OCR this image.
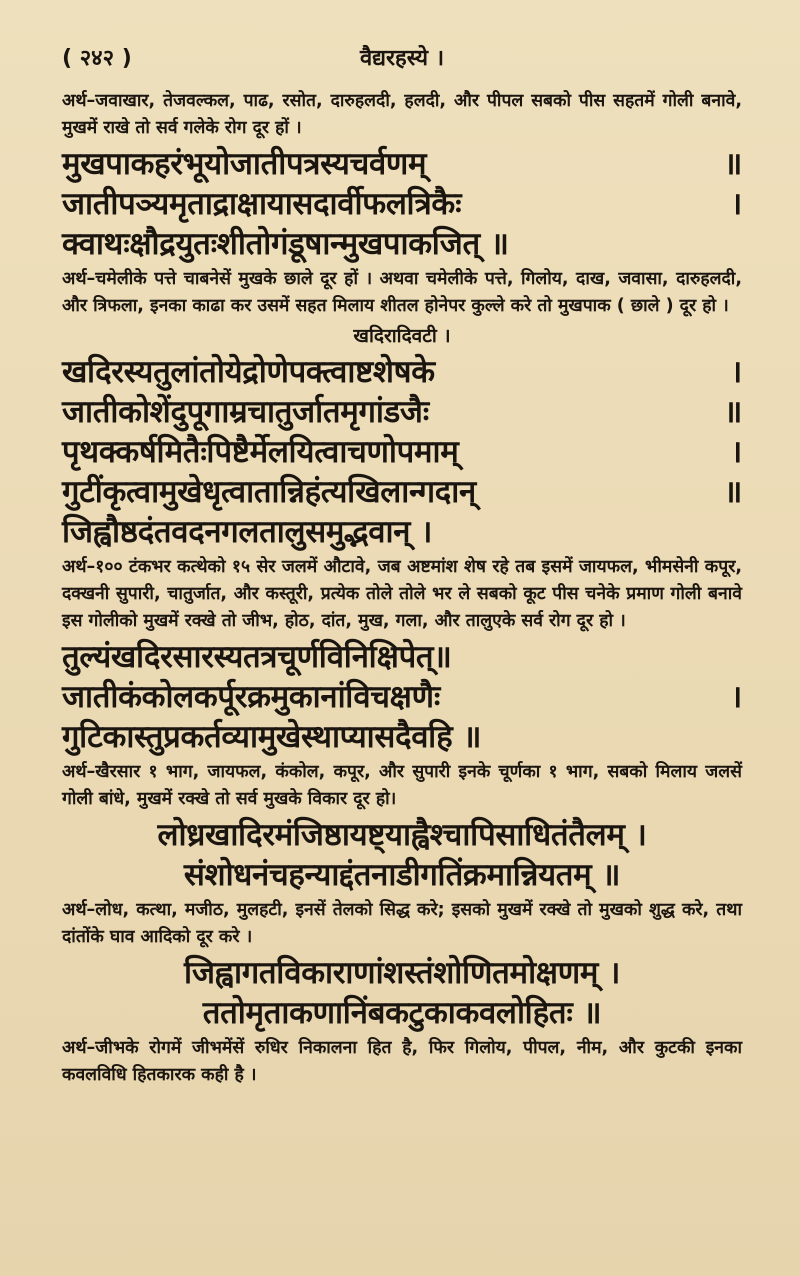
( २४२ )	वैद्यरहस्ये ।

अर्थ–जवाखार, तेजवल्कल, पाढ, रसोत, दारुहलदी, हलदी, और पीपल सबको पीस सहतमें गोली बनावे, मुखमें राखे तो सर्व गलेके रोग दूर हों ।

मुखपाकहरंभूयोजातीपत्रस्यचर्वणम् ॥ जातीपञ्यमृताद्राक्षायासदार्वीफलत्रिकैः । क्वाथःक्षौद्रयुतःशीतोगंडूषान्मुखपाकजित् ॥

अर्थ–चमेलीके पत्ते चाबनेसें मुखके छाले दूर हों । अथवा चमेलीके पत्ते, गिलोय, दाख, जवासा, दारुहलदी, और त्रिफला, इनका काढा कर उसमें सहत मिलाय शीतल होनेपर कुल्ले करे तो मुखपाक ( छाले ) दूर हो ।

खदिरादिवटी ।

खदिरस्यतुलांतोयेद्रोणेपक्त्वाष्टशेषके । जातीकोशेंदुपूगाम्रचातुर्जातमृगांडजैः ॥ पृथक्कर्षमितैःपिष्टैर्मेलयित्वाचणोपमाम् । गुटींकृत्वामुखेधृत्वातान्निहंत्यखिलान्गदान् ॥ जिह्वौष्ठदंतवदनगलतालुसमुद्भवान् ।

अर्थ–१०० टंकभर कत्थेको १५ सेर जलमें औटावे, जब अष्टमांश शेष रहे तब इसमें जायफल, भीमसेनी कपूर, दक्खनी सुपारी, चातुर्जात, और कस्तूरी, प्रत्येक तोले तोले भर ले सबको कूट पीस चनेके प्रमाण गोली बनावे इस गोलीको मुखमें रक्खे तो जीभ, होठ, दांत, मुख, गला, और तालुएके सर्व रोग दूर हो ।

तुल्यंखदिरसारस्यतत्रचूर्णविनिक्षिपेत्॥ जातीकंकोलकर्पूरक्रमुकानांविचक्षणैः । गुटिकास्तुप्रकर्तव्यामुखेस्थाप्यासदैवहि ॥

अर्थ–खैरसार १ भाग, जायफल, कंकोल, कपूर, और सुपारी इनके चूर्णका १ भाग, सबको मिलाय जलसें गोली बांधे, मुखमें रक्खे तो सर्व मुखके विकार दूर हो।

लोध्रखादिरमंजिष्ठायष्ट्याह्वैश्चापिसाधितंतैलम् । संशोधनंचहन्याद्दंतनाडीगतिंक्रमान्नियतम् ॥

अर्थ–लोध, कत्था, मजीठ, मुलहटी, इनसें तेलको सिद्ध करे; इसको मुखमें रक्खे तो मुखको शुद्ध करे, तथा दांतोंके घाव आदिको दूर करे ।

जिह्वागतविकाराणांशस्तंशोणितमोक्षणम् । ततोमृताकणानिंबकटुकाकवलोहितः ॥

अर्थ–जीभके रोगमें जीभमेंसें रुधिर निकालना हित है, फिर गिलोय, पीपल, नीम, और कुटकी इनका कवलविधि हितकारक कही है ।
